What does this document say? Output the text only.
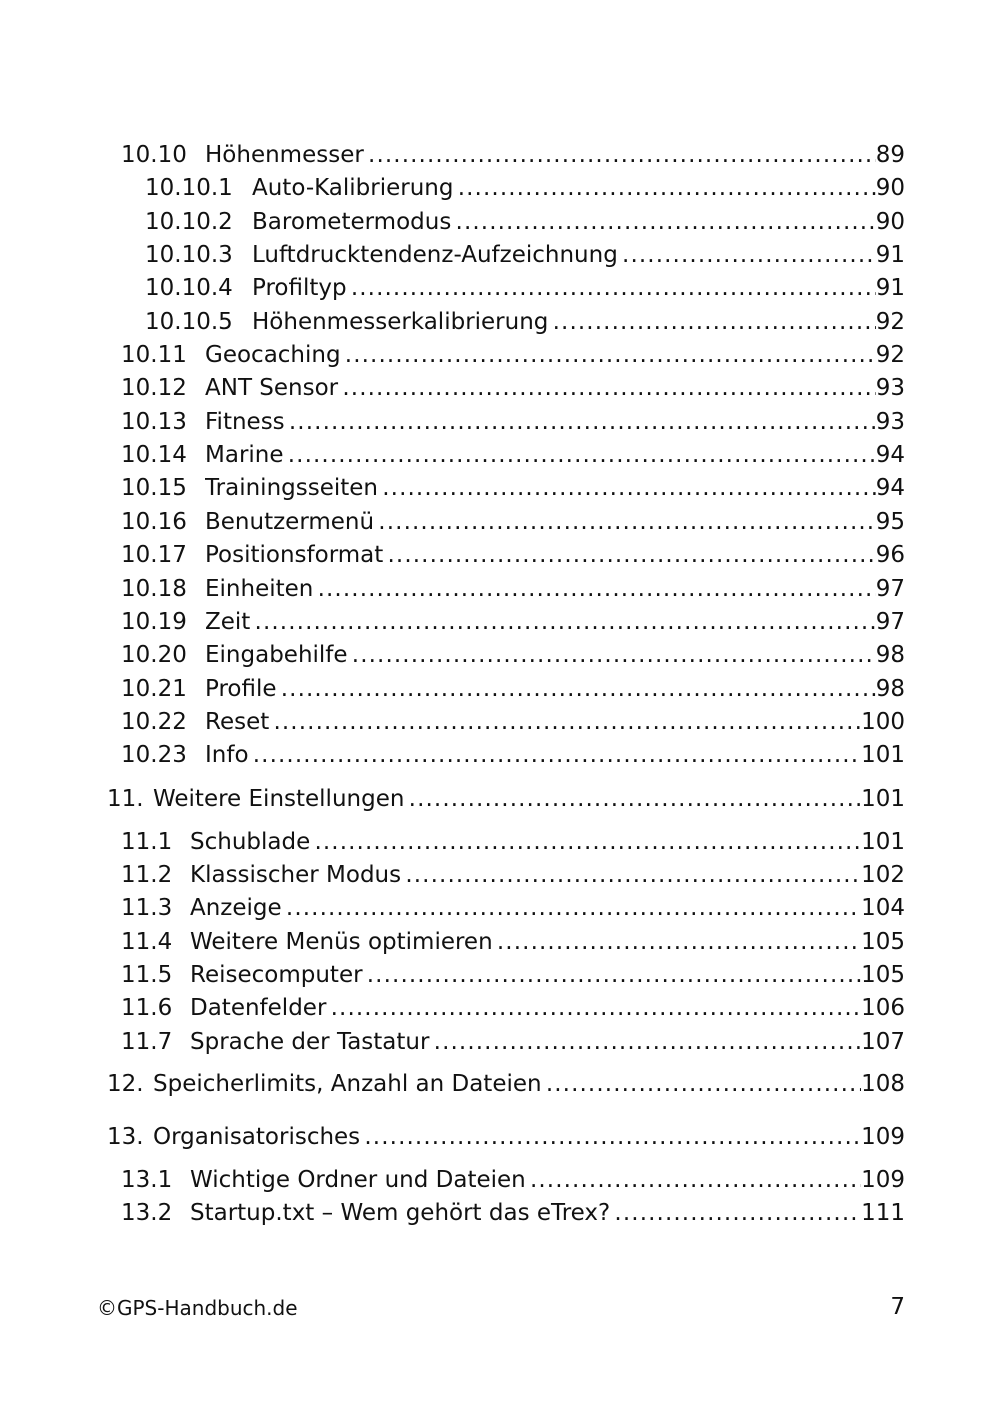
10.10 Höhenmesser . . .	89
10.10.1 Auto-Kalibrierung . . .	90
10.10.2 Barometermodus . . .	90
10.10.3 Luftdrucktendenz-Aufzeichnung . . .	91
10.10.4 Profiltyp . . .	91
10.10.5 Höhenmesserkalibrierung . . .	92
10.11 Geocaching . . .	92
10.12 ANT Sensor . . .	93
10.13 Fitness . . .	93
10.14 Marine . . .	94
10.15 Trainingsseiten . . .	94
10.16 Benutzermenü . . .	95
10.17 Positionsformat . . .	96
10.18 Einheiten . . .	97
10.19 Zeit . . .	97
10.20 Eingabehilfe . . .	98
10.21 Profile . . .	98
10.22 Reset . . .	100
10.23 Info . . .	101
11. Weitere Einstellungen . . .	101
11.1 Schublade . . .	101
11.2 Klassischer Modus . . .	102
11.3 Anzeige . . .	104
11.4 Weitere Menüs optimieren . . .	105
11.5 Reisecomputer . . .	105
11.6 Datenfelder . . .	106
11.7 Sprache der Tastatur . . .	107
12. Speicherlimits, Anzahl an Dateien . . .	108
13. Organisatorisches . . .	109
13.1 Wichtige Ordner und Dateien . . .	109
13.2 Startup.txt – Wem gehört das eTrex? . . .	111
©GPS-Handbuch.de	7
